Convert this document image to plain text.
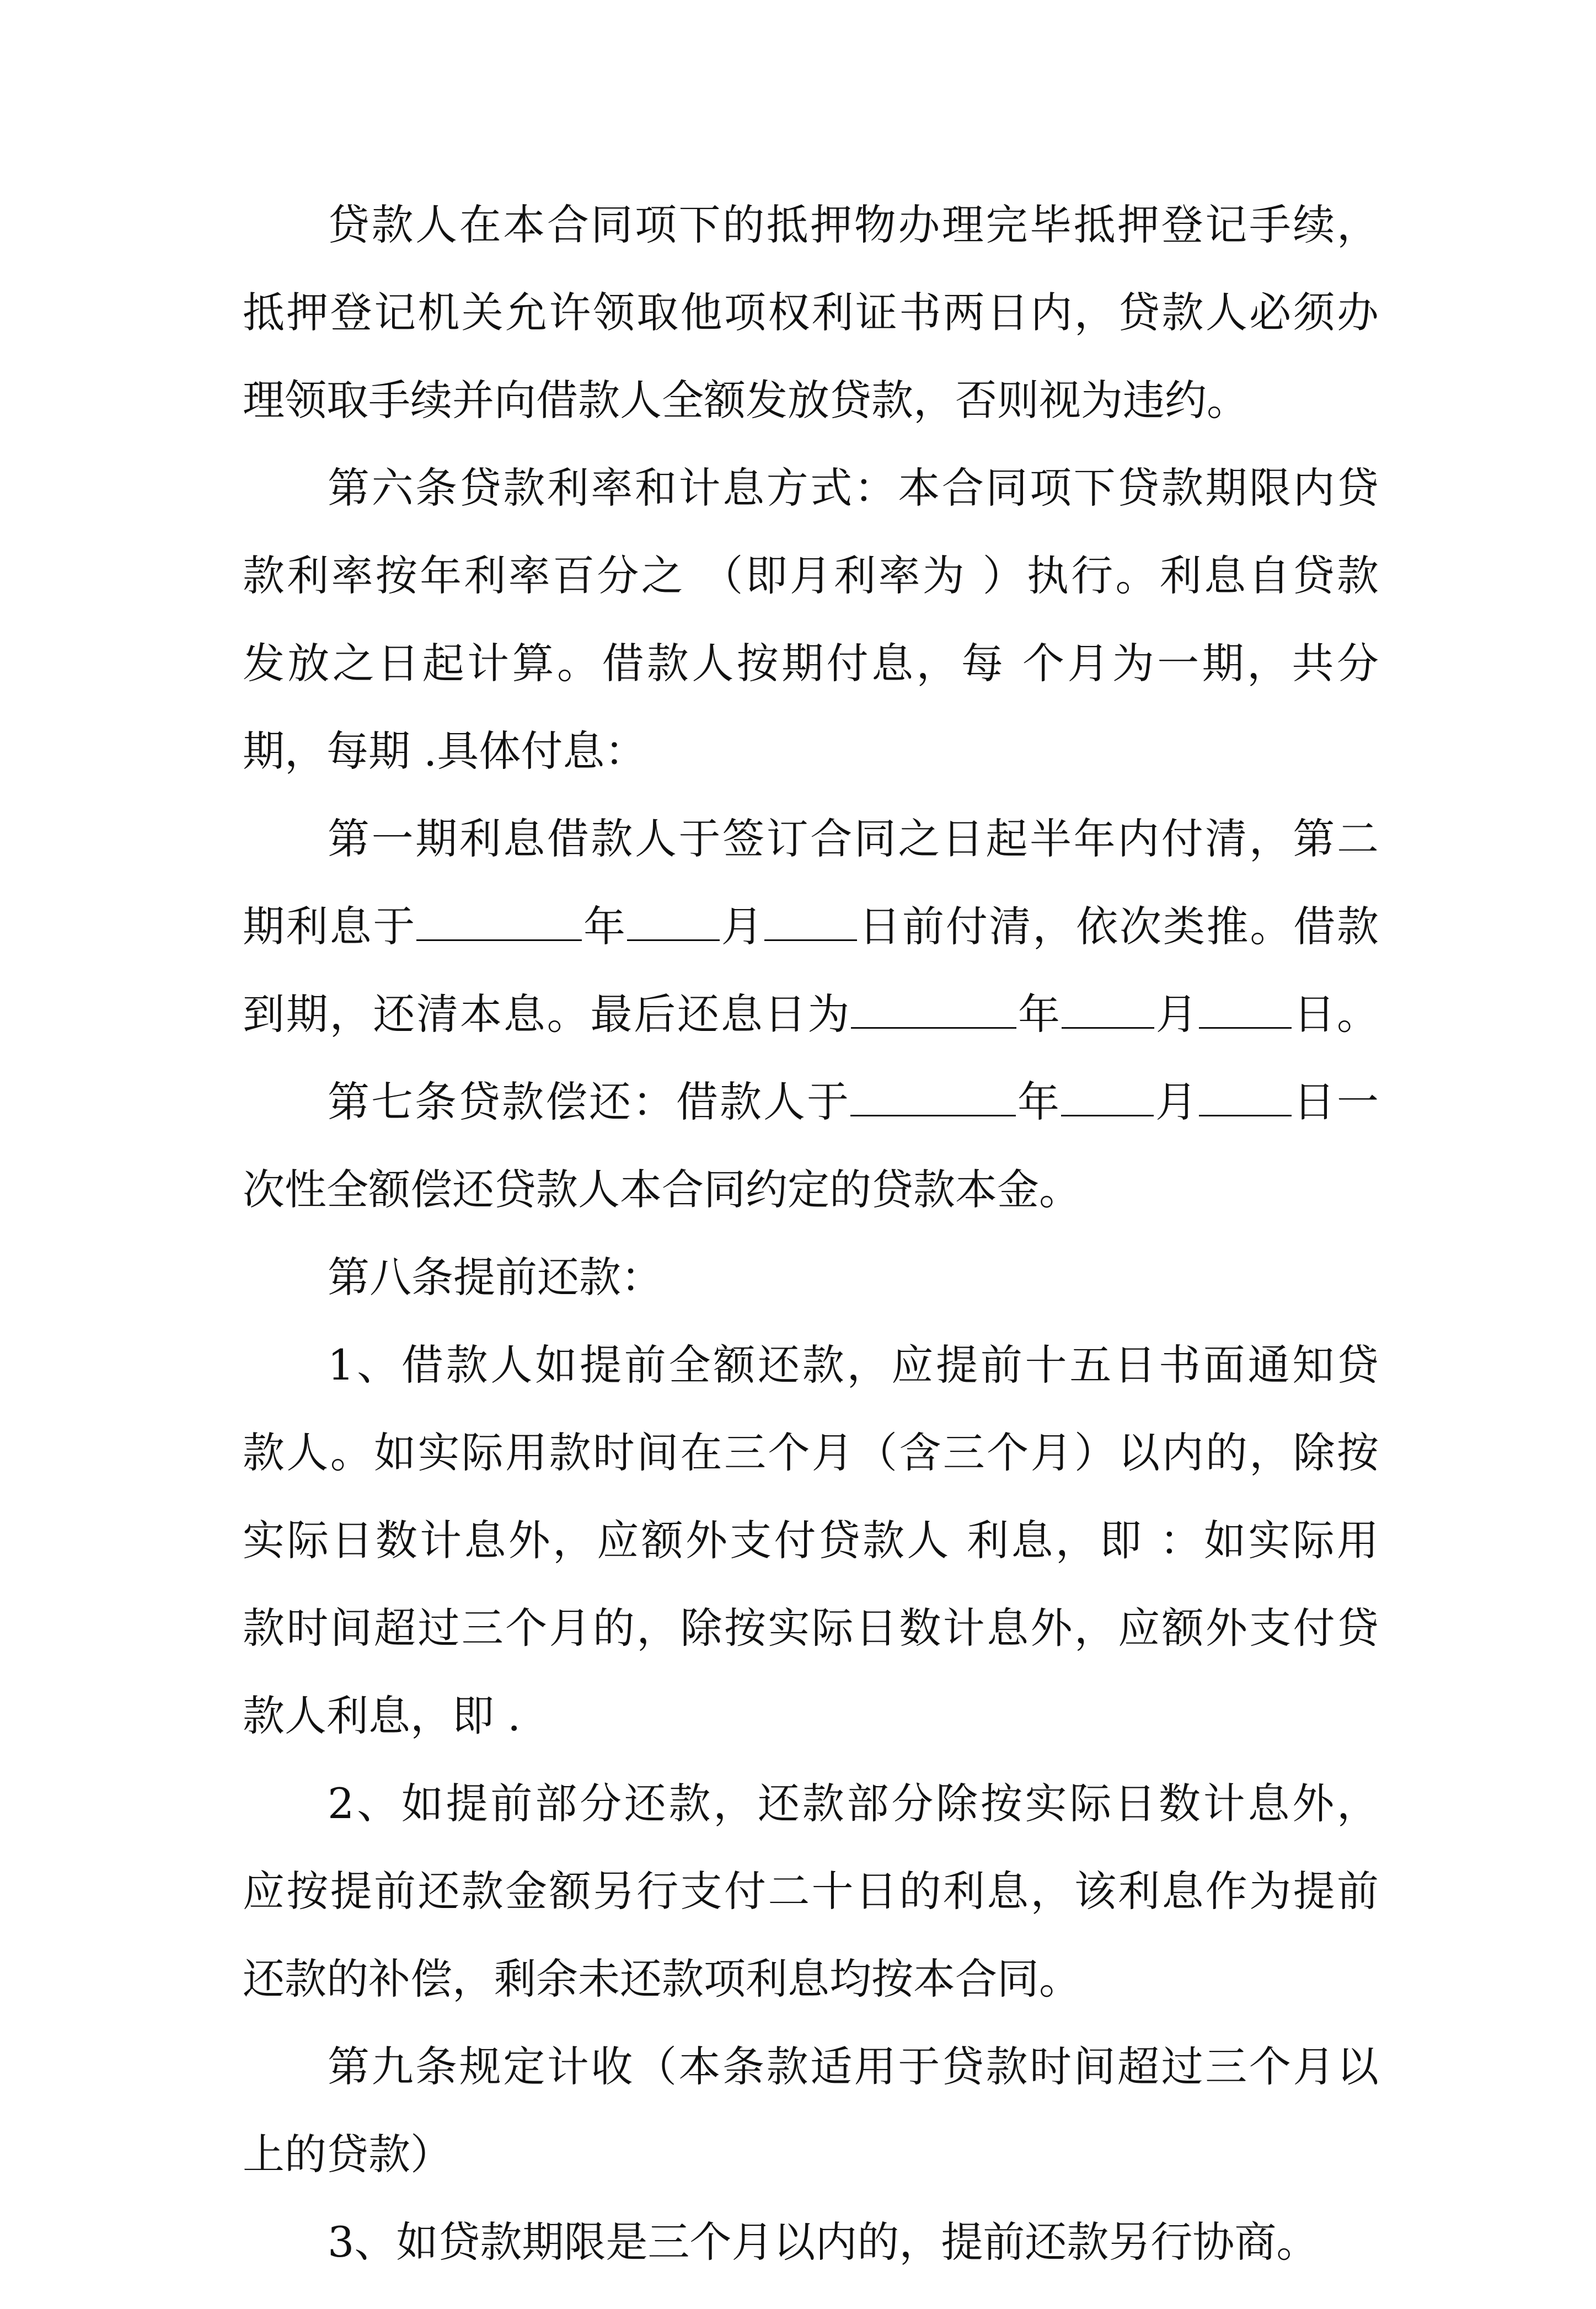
贷款人在本合同项下的抵押物办理完毕抵押登记手续，
抵押登记机关允许领取他项权利证书两日内，贷款人必须办
理领取手续并向借款人全额发放贷款，否则视为违约。
第六条贷款利率和计息方式：本合同项下贷款期限内贷
款利率按年利率百分之 （即月利率为 ）执行。利息自贷款
发放之日起计算。借款人按期付息，每 个月为一期，共分
期，每期 .具体付息：
第一期利息借款人于签订合同之日起半年内付清，第二
期利息于	年 月 日前付清，依次类推。借款
到期，还清本息。最后还息日为	年 月 日。
第七条贷款偿还：借款人于	年 月 日一
次性全额偿还贷款人本合同约定的贷款本金。
第八条提前还款：
1、借款人如提前全额还款，应提前十五日书面通知贷
款人。如实际用款时间在三个月（含三个月）以内的，除按
实际日数计息外，应额外支付贷款人 利息，即 ：如实际用
款时间超过三个月的，除按实际日数计息外，应额外支付贷
款人利息，即 .
2、如提前部分还款，还款部分除按实际日数计息外，
应按提前还款金额另行支付二十日的利息，该利息作为提前
还款的补偿，剩余未还款项利息均按本合同。
第九条规定计收（本条款适用于贷款时间超过三个月以
上的贷款）
3、如贷款期限是三个月以内的，提前还款另行协商。
